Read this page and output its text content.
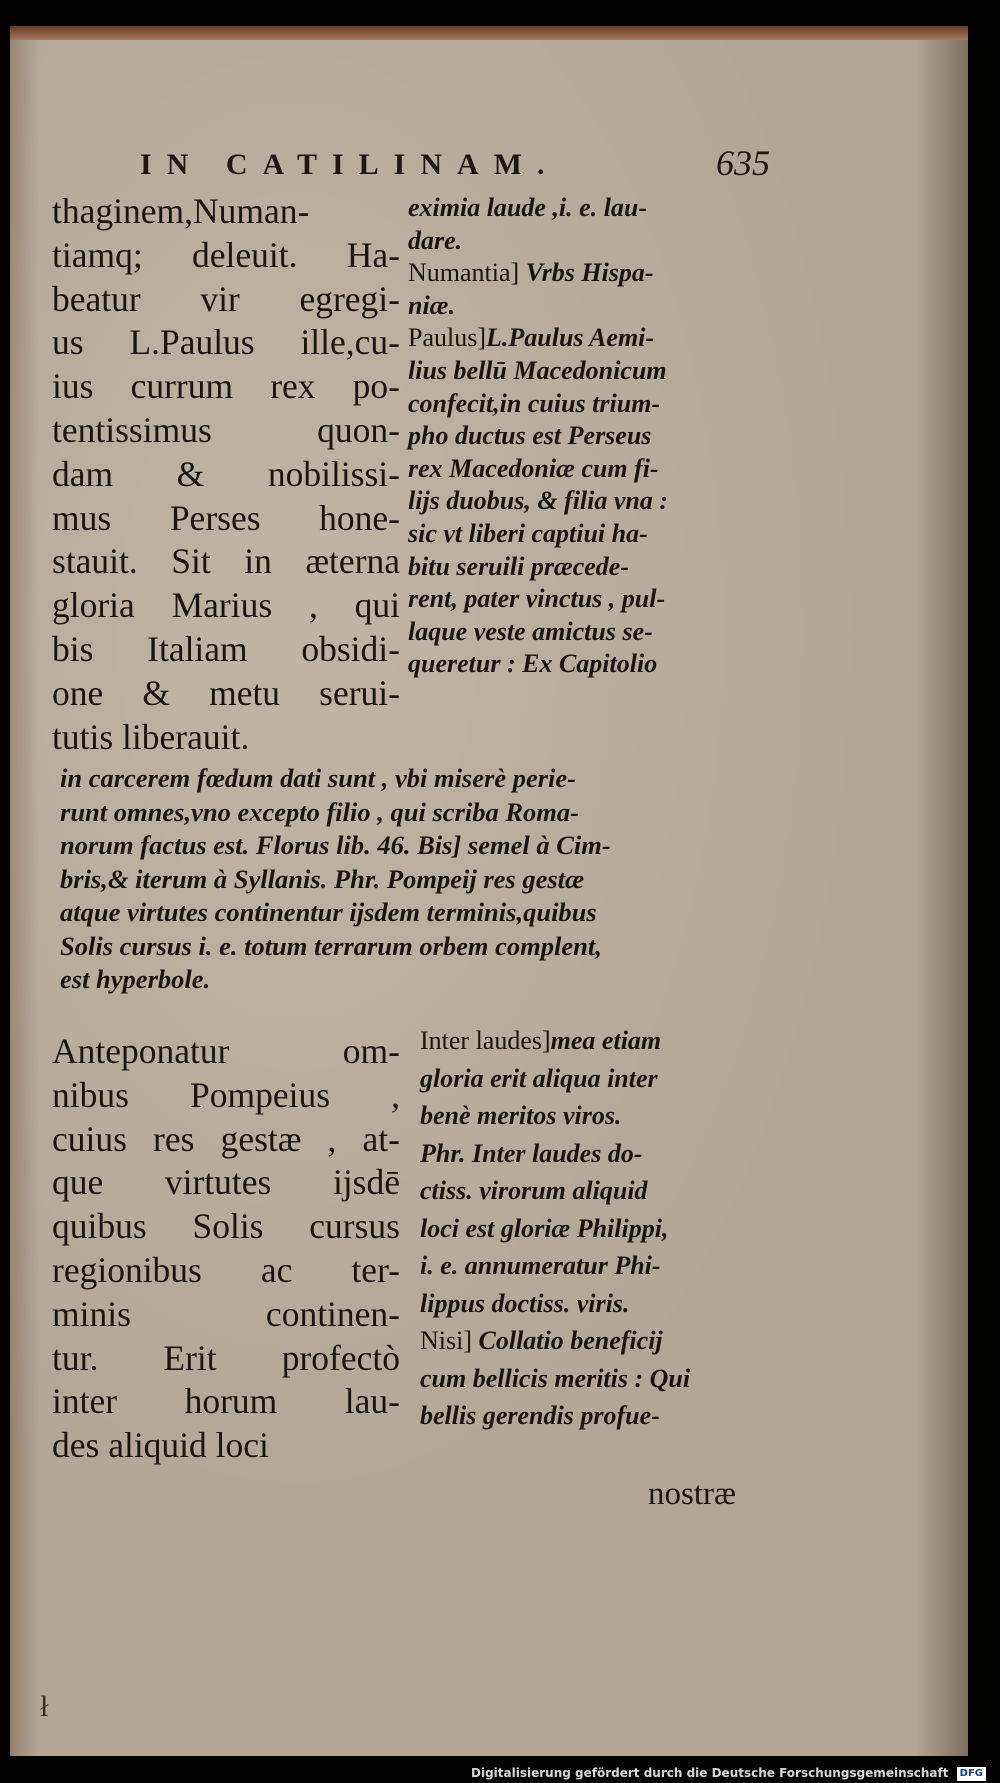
IN CATILINAM.	635
thaginem,Numan-
tiamq; deleuit. Ha-
beatur vir egregi-
us L.Paulus ille,cu-
ius currum rex po-
tentissimus quon-
dam & nobilissi-
mus Perses hone-
stauit. Sit in æterna
gloria Marius , qui
bis Italiam obsidi-
one & metu serui-
tutis liberauit.
eximia laude ,i. e. lau-
dare.
Numantia] Vrbs Hispa-
niæ.
Paulus]L.Paulus Aemi-
lius bellū Macedonicum
confecit,in cuius trium-
pho ductus est Perseus
rex Macedoniæ cum fi-
lijs duobus, & filia vna :
sic vt liberi captiui ha-
bitu seruili præcede-
rent, pater vinctus , pul-
laque veste amictus se-
queretur : Ex Capitolio
in carcerem fœdum dati sunt , vbi miserè perie-
runt omnes,vno excepto filio , qui scriba Roma-
norum factus est. Florus lib. 46. Bis] semel à Cim-
bris,& iterum à Syllanis. Phr. Pompeij res gestæ
atque virtutes continentur ijsdem terminis,quibus
Solis cursus i. e. totum terrarum orbem complent,
est hyperbole.
Anteponatur om-
nibus Pompeius ,
cuius res gestæ , at-
que virtutes ijsdē
quibus Solis cursus
regionibus ac ter-
minis continen-
tur. Erit profectò
inter horum lau-
des aliquid loci
Inter laudes]mea etiam
gloria erit aliqua inter
benè meritos viros.
Phr. Inter laudes do-
ctiss. virorum aliquid
loci est gloriæ Philippi,
i. e. annumeratur Phi-
lippus doctiss. viris.
Nisi] Collatio beneficij
cum bellicis meritis : Qui
bellis gerendis profue-
nostræ
ł
Digitalisierung gefördert durch die Deutsche Forschungsgemeinschaft DFG
